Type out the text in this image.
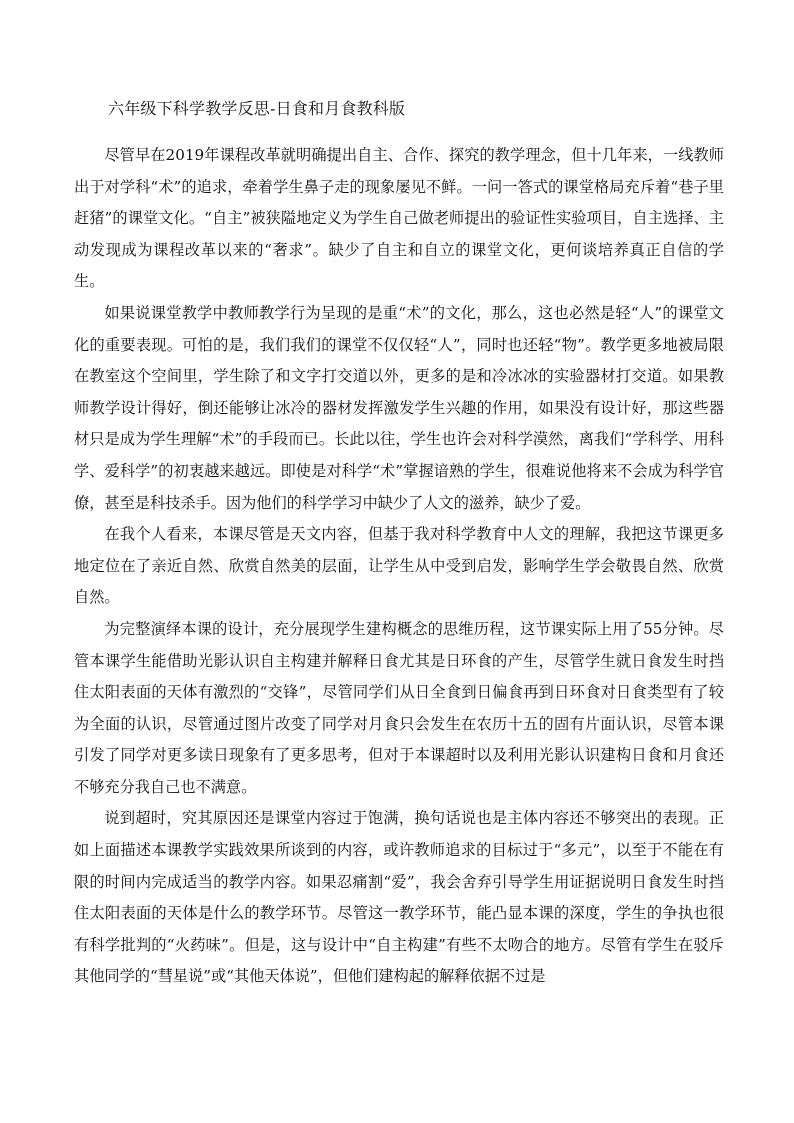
六年级下科学教学反思-日食和月食教科版

尽管早在2019年课程改革就明确提出自主、合作、探究的教学理念，但十几年来，一线教师出于对学科“术”的追求，牵着学生鼻子走的现象屡见不鲜。一问一答式的课堂格局充斥着“巷子里赶猪”的课堂文化。“自主”被狭隘地定义为学生自己做老师提出的验证性实验项目，自主选择、主动发现成为课程改革以来的“奢求”。缺少了自主和自立的课堂文化，更何谈培养真正自信的学生。

如果说课堂教学中教师教学行为呈现的是重“术”的文化，那么，这也必然是轻“人”的课堂文化的重要表现。可怕的是，我们我们的课堂不仅仅轻“人”，同时也还轻“物”。教学更多地被局限在教室这个空间里，学生除了和文字打交道以外，更多的是和冷冰冰的实验器材打交道。如果教师教学设计得好，倒还能够让冰冷的器材发挥激发学生兴趣的作用，如果没有设计好，那这些器材只是成为学生理解“术”的手段而已。长此以往，学生也许会对科学漠然，离我们“学科学、用科学、爱科学”的初衷越来越远。即使是对科学“术”掌握谙熟的学生，很难说他将来不会成为科学官僚，甚至是科技杀手。因为他们的科学学习中缺少了人文的滋养，缺少了爱。

在我个人看来，本课尽管是天文内容，但基于我对科学教育中人文的理解，我把这节课更多地定位在了亲近自然、欣赏自然美的层面，让学生从中受到启发，影响学生学会敬畏自然、欣赏自然。

为完整演绎本课的设计，充分展现学生建构概念的思维历程，这节课实际上用了55分钟。尽管本课学生能借助光影认识自主构建并解释日食尤其是日环食的产生，尽管学生就日食发生时挡住太阳表面的天体有激烈的“交锋”，尽管同学们从日全食到日偏食再到日环食对日食类型有了较为全面的认识，尽管通过图片改变了同学对月食只会发生在农历十五的固有片面认识，尽管本课引发了同学对更多读日现象有了更多思考，但对于本课超时以及利用光影认识建构日食和月食还不够充分我自己也不满意。

说到超时，究其原因还是课堂内容过于饱满，换句话说也是主体内容还不够突出的表现。正如上面描述本课教学实践效果所谈到的内容，或许教师追求的目标过于“多元”，以至于不能在有限的时间内完成适当的教学内容。如果忍痛割“爱”，我会舍弃引导学生用证据说明日食发生时挡住太阳表面的天体是什么的教学环节。尽管这一教学环节，能凸显本课的深度，学生的争执也很有科学批判的“火药味”。但是，这与设计中“自主构建”有些不太吻合的地方。尽管有学生在驳斥其他同学的“彗星说”或“其他天体说”，但他们建构起的解释依据不过是
